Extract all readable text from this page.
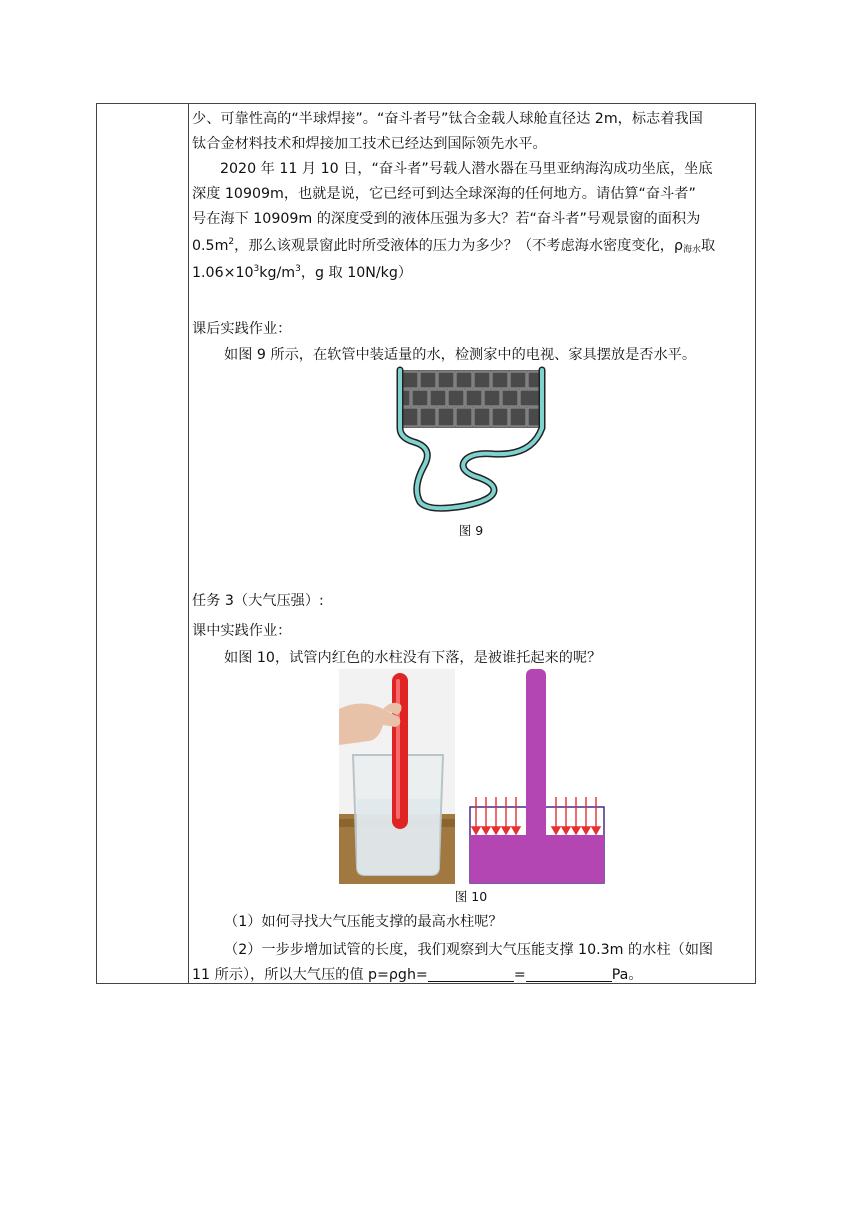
少、可靠性高的“半球焊接”。“奋斗者号”钛合金载人球舱直径达 2m，标志着我国
钛合金材料技术和焊接加工技术已经达到国际领先水平。
2020 年 11 月 10 日，“奋斗者”号载人潜水器在马里亚纳海沟成功坐底，坐底
深度 10909m，也就是说，它已经可到达全球深海的任何地方。请估算“奋斗者”
号在海下 10909m 的深度受到的液体压强为多大？若“奋斗者”号观景窗的面积为
$0.5m^2$，那么该观景窗此时所受液体的压力为多少？（不考虑海水密度变化，$\rho_{海水}$取
$1.06\times 10^3kg/m^3$，g 取 10N/kg）
课后实践作业：
如图 9 所示，在软管中装适量的水，检测家中的电视、家具摆放是否水平。
任务 3（大气压强）:
课中实践作业：
如图 10，试管内红色的水柱没有下落，是被谁托起来的呢？
（1）如何寻找大气压能支撑的最高水柱呢？
（2）一步步增加试管的长度，我们观察到大气压能支撑 10.3m 的水柱（如图
11 所示），所以大气压的值 p=ρgh=	=	Pa。
图 9
图 10
